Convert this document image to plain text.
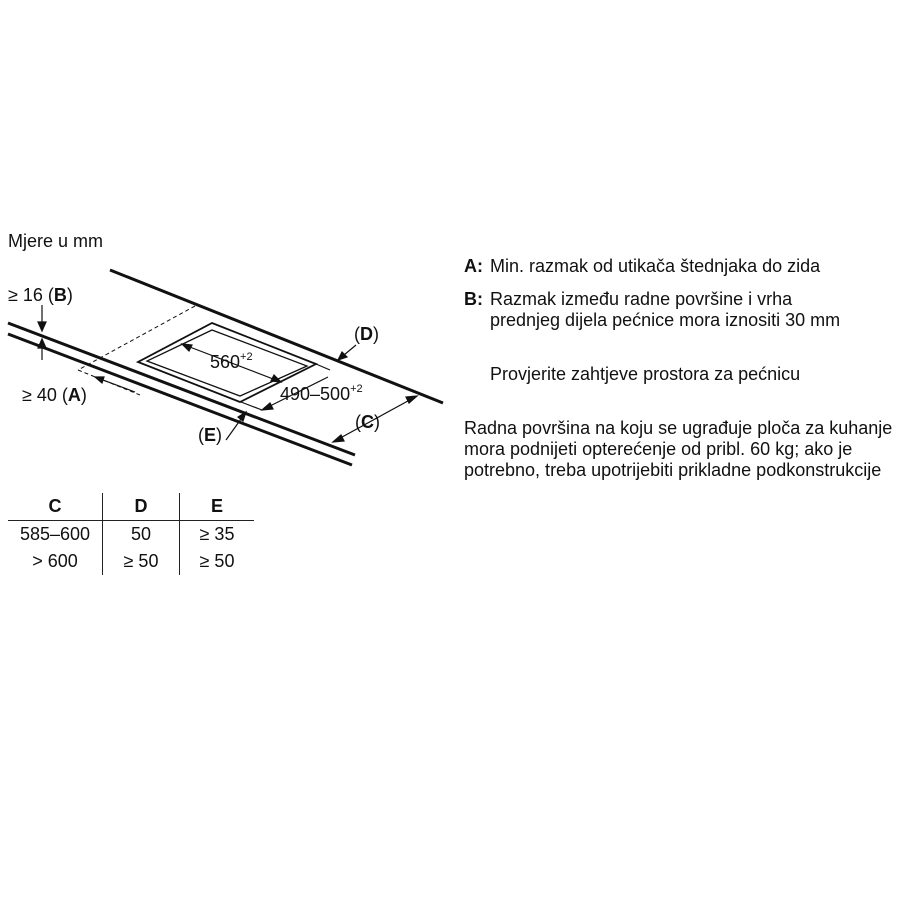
Mjere u mm
≥ 16 (B)
≥ 40 (A)
(D)
(C)
(E)
$560^{+2}$
$490-500^{+2}$
C	D	E
585–600	50	≥ 35
> 600	≥ 50	≥ 50
A: Min. razmak od utikača štednjaka do zida
B: Razmak između radne površine i vrha prednjeg dijela pećnice mora iznositi 30 mm

Provjerite zahtjeve prostora za pećnicu

Radna površina na koju se ugrađuje ploča za kuhanje mora podnijeti opterećenje od pribl. 60 kg; ako je potrebno, treba upotrijebiti prikladne podkonstrukcije
